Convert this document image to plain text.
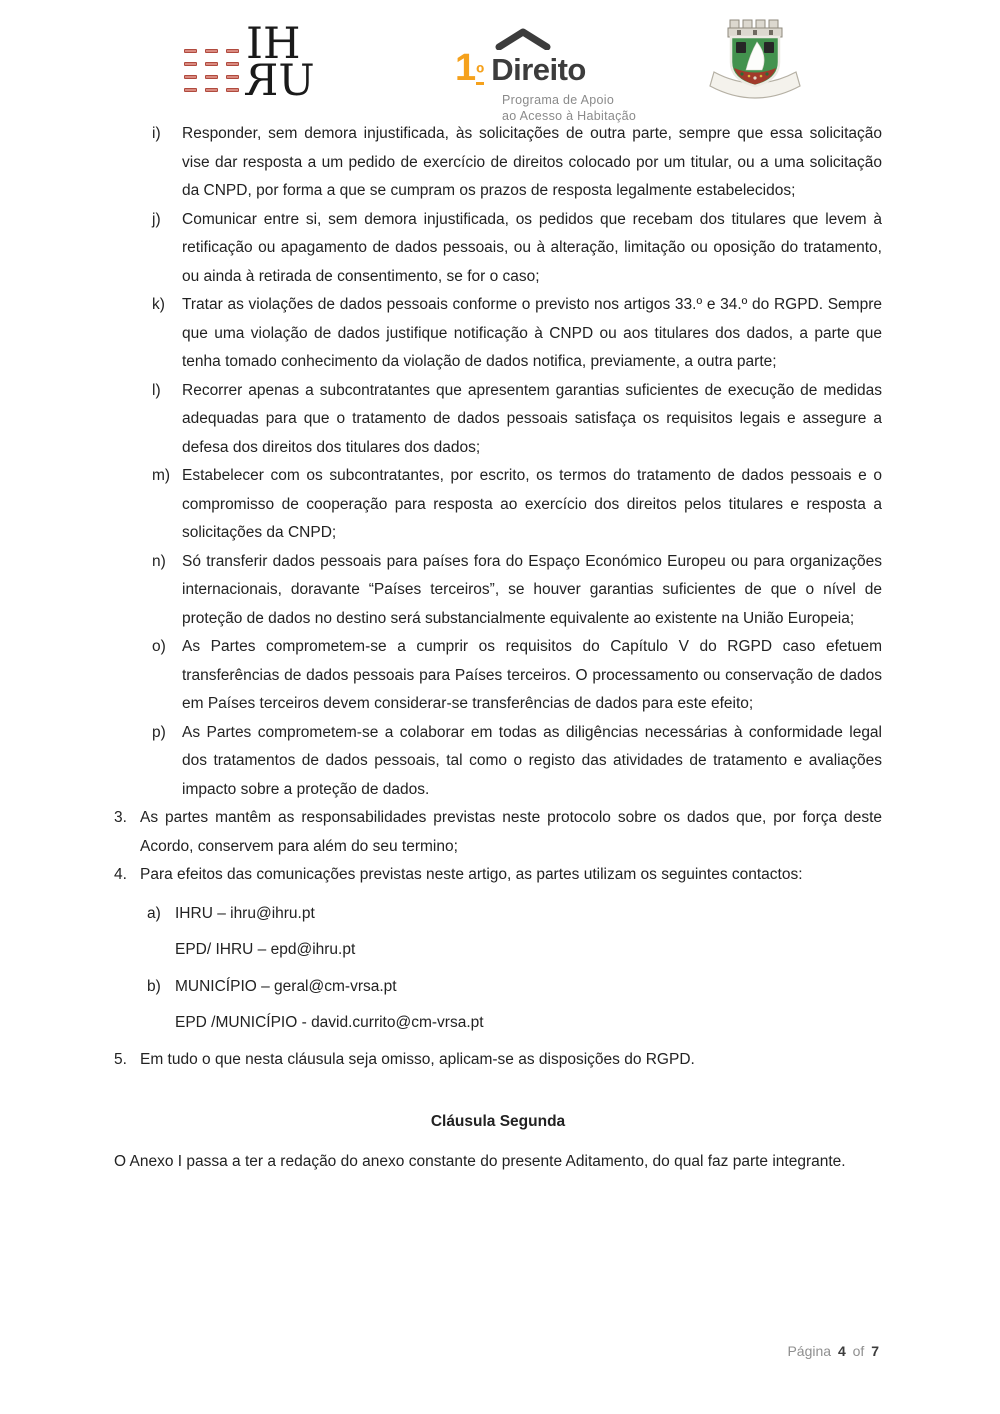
IH
RU	1 º Direito
Programa de Apoio
ao Acesso à Habitação
i)	Responder, sem demora injustificada, às solicitações de outra parte, sempre que essa solicitação vise dar resposta a um pedido de exercício de direitos colocado por um titular, ou a uma solicitação da CNPD, por forma a que se cumpram os prazos de resposta legalmente estabelecidos;
j)	Comunicar entre si, sem demora injustificada, os pedidos que recebam dos titulares que levem à retificação ou apagamento de dados pessoais, ou à alteração, limitação ou oposição do tratamento, ou ainda à retirada de consentimento, se for o caso;
k)	Tratar as violações de dados pessoais conforme o previsto nos artigos 33.º e 34.º do RGPD. Sempre que uma violação de dados justifique notificação à CNPD ou aos titulares dos dados, a parte que tenha tomado conhecimento da violação de dados notifica, previamente, a outra parte;
l)	Recorrer apenas a subcontratantes que apresentem garantias suficientes de execução de medidas adequadas para que o tratamento de dados pessoais satisfaça os requisitos legais e assegure a defesa dos direitos dos titulares dos dados;
m) Estabelecer com os subcontratantes, por escrito, os termos do tratamento de dados pessoais e o compromisso de cooperação para resposta ao exercício dos direitos pelos titulares e resposta a solicitações da CNPD;
n)	Só transferir dados pessoais para países fora do Espaço Económico Europeu ou para organizações internacionais, doravante “Países terceiros”, se houver garantias suficientes de que o nível de proteção de dados no destino será substancialmente equivalente ao existente na União Europeia;
o)	As Partes comprometem-se a cumprir os requisitos do Capítulo V do RGPD caso efetuem transferências de dados pessoais para Países terceiros. O processamento ou conservação de dados em Países terceiros devem considerar-se transferências de dados para este efeito;
p)	As Partes comprometem-se a colaborar em todas as diligências necessárias à conformidade legal dos tratamentos de dados pessoais, tal como o registo das atividades de tratamento e avaliações impacto sobre a proteção de dados.
3. As partes mantêm as responsabilidades previstas neste protocolo sobre os dados que, por força deste Acordo, conservem para além do seu termino;
4. Para efeitos das comunicações previstas neste artigo, as partes utilizam os seguintes contactos:
a) IHRU – ihru@ihru.pt
EPD/ IHRU – epd@ihru.pt
b) MUNICÍPIO – geral@cm-vrsa.pt
EPD /MUNICÍPIO - david.currito@cm-vrsa.pt
5. Em tudo o que nesta cláusula seja omisso, aplicam-se as disposições do RGPD.
Cláusula Segunda
O Anexo I passa a ter a redação do anexo constante do presente Aditamento, do qual faz parte integrante.
Página 4 of 7
